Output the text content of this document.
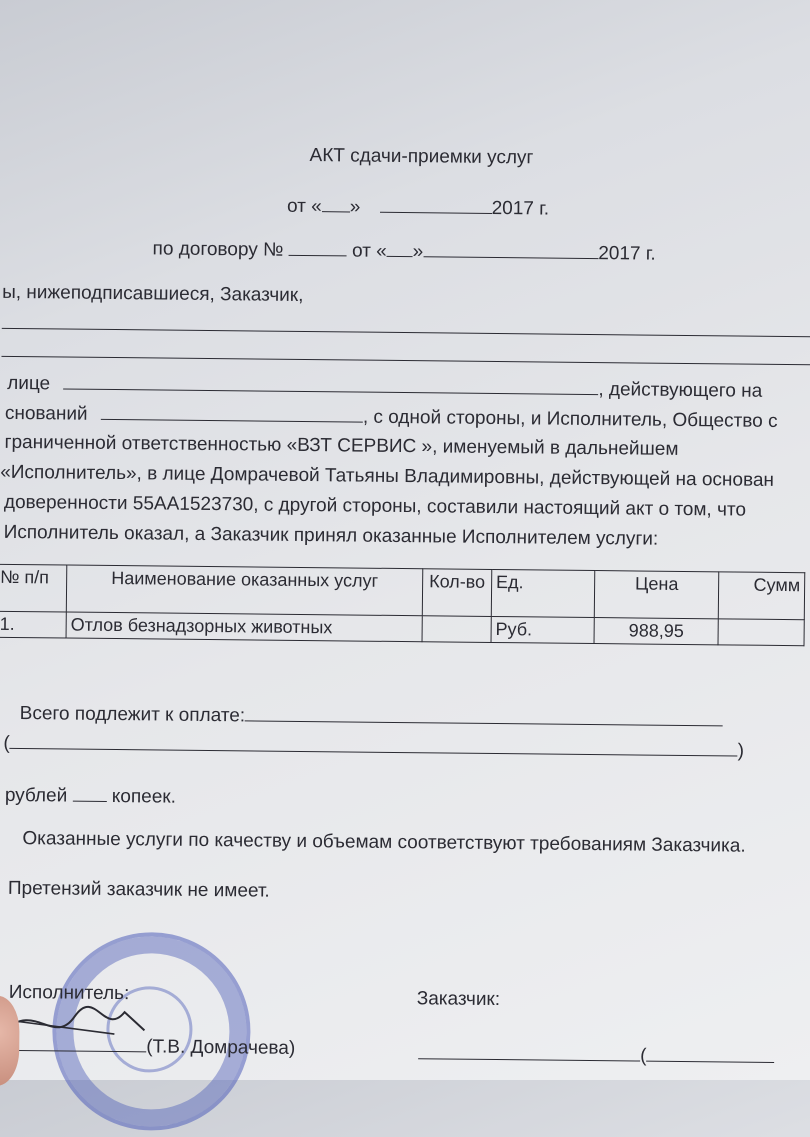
АКТ сдачи-приемки услуг
от « »	2017 г.
по договору №	от « »	2017 г.
ы, нижеподписавшиеся, Заказчик,
лице	, действующего на
снований	, с одной стороны, и Исполнитель, Общество с
граниченной ответственностью «ВЗТ СЕРВИС », именуемый в дальнейшем
«Исполнитель», в лице Домрачевой Татьяны Владимировны, действующей на основан
доверенности 55АА1523730, с другой стороны, составили настоящий акт о том, что
Исполнитель оказал, а Заказчик принял оказанные Исполнителем услуги:
№ п/п	Наименование оказанных услуг	Кол-во	Ед.	Цена	Сумм
1.	Отлов безнадзорных животных		Руб.	988,95	
Всего подлежит к оплате:
(	)
рублей копеек.
Оказанные услуги по качеству и объемам соответствуют требованиям Заказчика.
Претензий заказчик не имеет.
Исполнитель:	Заказчик:
(Т.В. Домрачева)	(
